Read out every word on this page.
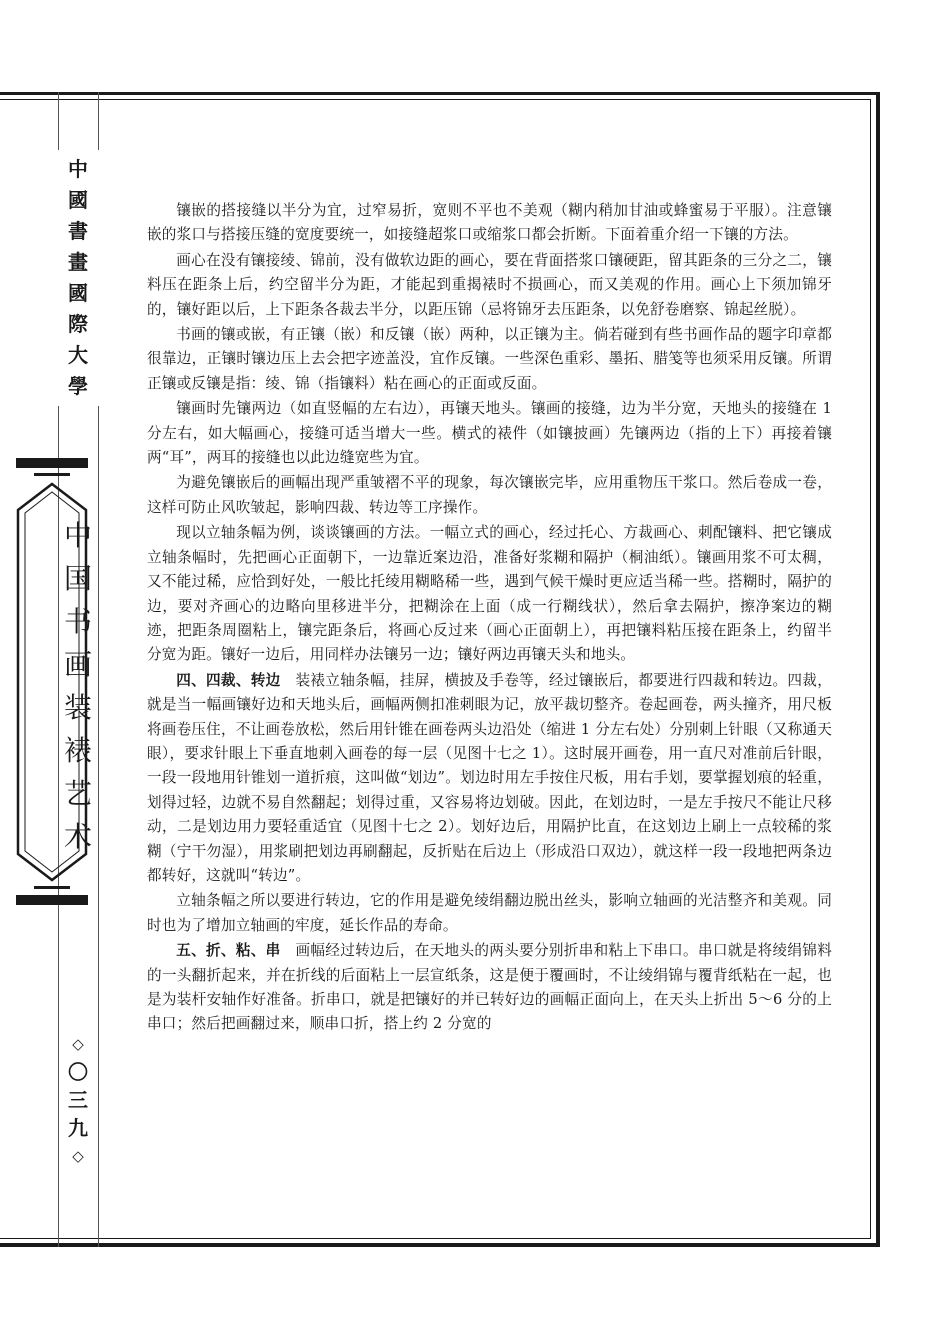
中
國
書
畫
國
際
大
學
中
国
书
画
装
裱
艺
术
◇
〇
三
九
◇

镶嵌的搭接缝以半分为宜，过窄易折，宽则不平也不美观（糊内稍加甘油或蜂蜜易于平服）。注意镶嵌的浆口与搭接压缝的宽度要统一，如接缝超浆口或缩浆口都会折断。下面着重介绍一下镶的方法。

画心在没有镶接绫、锦前，没有做软边距的画心，要在背面搭浆口镶硬距，留其距条的三分之二，镶料压在距条上后，约空留半分为距，才能起到重揭裱时不损画心，而又美观的作用。画心上下须加锦牙的，镶好距以后，上下距条各裁去半分，以距压锦（忌将锦牙去压距条，以免舒卷磨察、锦起丝脱）。

书画的镶或嵌，有正镶（嵌）和反镶（嵌）两种，以正镶为主。倘若碰到有些书画作品的题字印章都很靠边，正镶时镶边压上去会把字迹盖没，宜作反镶。一些深色重彩、墨拓、腊笺等也须采用反镶。所谓正镶或反镶是指：绫、锦（指镶料）粘在画心的正面或反面。

镶画时先镶两边（如直竖幅的左右边），再镶天地头。镶画的接缝，边为半分宽，天地头的接缝在 1 分左右，如大幅画心，接缝可适当增大一些。横式的裱件（如镶披画）先镶两边（指的上下）再接着镶两“耳”，两耳的接缝也以此边缝宽些为宜。

为避免镶嵌后的画幅出现严重皱褶不平的现象，每次镶嵌完毕，应用重物压干浆口。然后卷成一卷，这样可防止风吹皱起，影响四裁、转边等工序操作。

现以立轴条幅为例，谈谈镶画的方法。一幅立式的画心，经过托心、方裁画心、刺配镶料、把它镶成立轴条幅时，先把画心正面朝下，一边靠近案边沿，准备好浆糊和隔护（桐油纸）。镶画用浆不可太稠，又不能过稀，应恰到好处，一般比托绫用糊略稀一些，遇到气候干燥时更应适当稀一些。搭糊时，隔护的边，要对齐画心的边略向里移进半分，把糊涂在上面（成一行糊线状），然后拿去隔护，擦净案边的糊迹，把距条周圈粘上，镶完距条后，将画心反过来（画心正面朝上），再把镶料粘压接在距条上，约留半分宽为距。镶好一边后，用同样办法镶另一边；镶好两边再镶天头和地头。

四、四裁、转边　 装裱立轴条幅，挂屏，横披及手卷等，经过镶嵌后，都要进行四裁和转边。四裁，就是当一幅画镶好边和天地头后，画幅两侧扣准刺眼为记，放平裁切整齐。卷起画卷，两头撞齐，用尺板将画卷压住，不让画卷放松，然后用针锥在画卷两头边沿处（缩进 1 分左右处）分别刺上针眼（又称通天眼），要求针眼上下垂直地刺入画卷的每一层（见图十七之 1）。这时展开画卷，用一直尺对准前后针眼，一段一段地用针锥划一道折痕，这叫做“划边”。划边时用左手按住尺板，用右手划，要掌握划痕的轻重，划得过轻，边就不易自然翻起；划得过重，又容易将边划破。因此，在划边时，一是左手按尺不能让尺移动，二是划边用力要轻重适宜（见图十七之 2）。划好边后，用隔护比直，在这划边上刷上一点较稀的浆糊（宁干勿湿），用浆刷把划边再刷翻起，反折贴在后边上（形成沿口双边），就这样一段一段地把两条边都转好，这就叫“转边”。

立轴条幅之所以要进行转边，它的作用是避免绫绢翻边脱出丝头，影响立轴画的光洁整齐和美观。同时也为了增加立轴画的牢度，延长作品的寿命。

五、折、粘、串　 画幅经过转边后，在天地头的两头要分别折串和粘上下串口。串口就是将绫绢锦料的一头翻折起来，并在折线的后面粘上一层宣纸条，这是便于覆画时，不让绫绢锦与覆背纸粘在一起，也是为装杆安轴作好准备。折串口，就是把镶好的并已转好边的画幅正面向上，在天头上折出 5～6 分的上串口；然后把画翻过来，顺串口折，搭上约 2 分宽的
